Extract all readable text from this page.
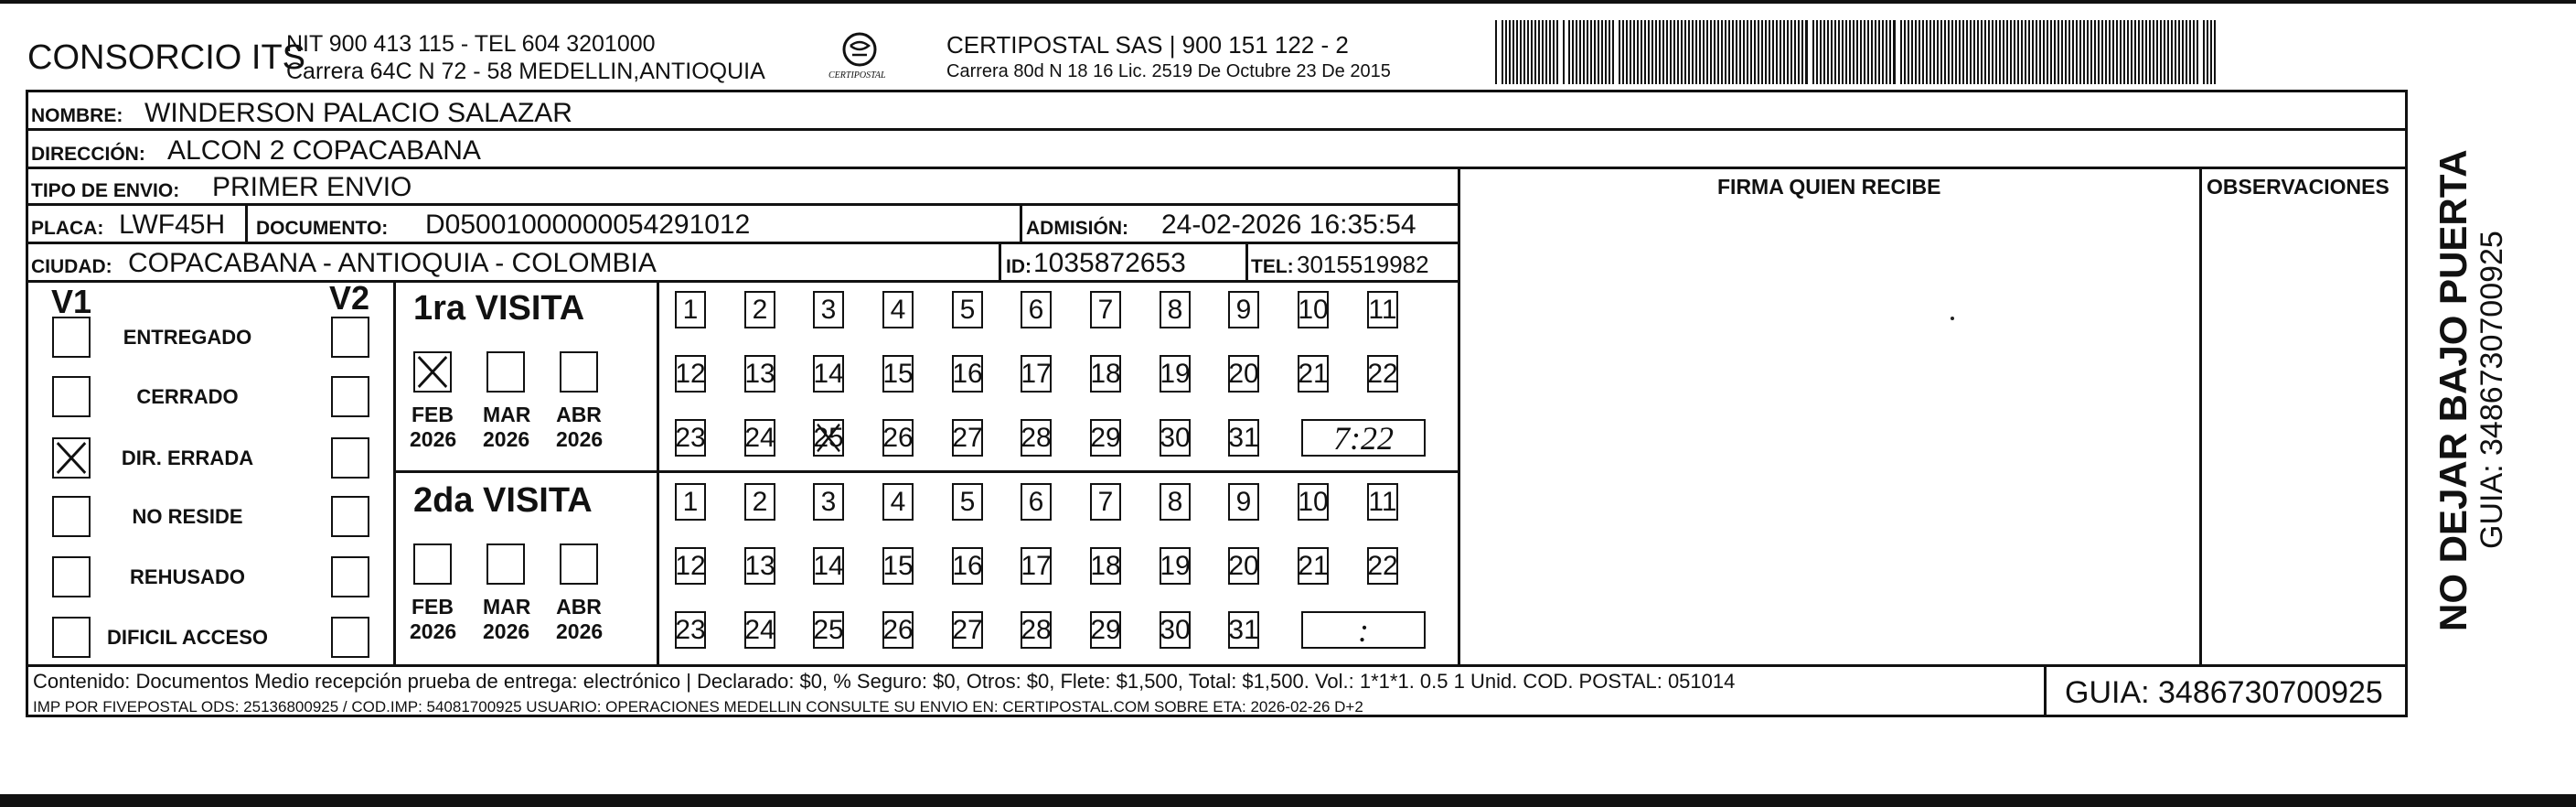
CONSORCIO ITS
NIT 900 413 115 - TEL 604 3201000
Carrera 64C N 72 - 58 MEDELLIN,ANTIOQUIA	CERTIPOSTAL
CERTIPOSTAL SAS | 900 151 122 - 2
Carrera 80d N 18 16 Lic. 2519 De Octubre 23 De 2015
NOMBRE: WINDERSON PALACIO SALAZAR
DIRECCIÓN: ALCON 2 COPACABANA
TIPO DE ENVIO: PRIMER ENVIO
PLACA: LWF45H DOCUMENTO: D05001000000054291012	ADMISIÓN: 24-02-2026 16:35:54
CIUDAD: COPACABANA - ANTIOQUIA - COLOMBIA	ID: 1035872653	TEL: 3015519982
FIRMA QUIEN RECIBE	OBSERVACIONES
V1	V2
ENTREGADO
CERRADO
DIR. ERRADA
NO RESIDE
REHUSADO
DIFICIL ACCESO
1ra VISITA
FEB
2026
MAR
2026
ABR
2026
1 2 3 4 5 6 7 8 9 10 11
12 13 14 15 16 17 18 19 20 21 22
23 24 25 26 27 28 29 30 31	7:22
2da VISITA
FEB
2026
MAR
2026
ABR
2026
1 2 3 4 5 6 7 8 9 10 11
12 13 14 15 16 17 18 19 20 21 22
23 24 25 26 27 28 29 30 31	:
Contenido: Documentos Medio recepción prueba de entrega: electrónico | Declarado: $0, % Seguro: $0, Otros: $0, Flete: $1,500, Total: $1,500. Vol.: 1*1*1. 0.5 1 Unid. COD. POSTAL: 051014
IMP POR FIVEPOSTAL ODS: 25136800925 / COD.IMP: 54081700925 USUARIO: OPERACIONES MEDELLIN CONSULTE SU ENVIO EN: CERTIPOSTAL.COM SOBRE ETA: 2026-02-26 D+2	GUIA: 3486730700925
NO DEJAR BAJO PUERTA GUIA: 3486730700925
